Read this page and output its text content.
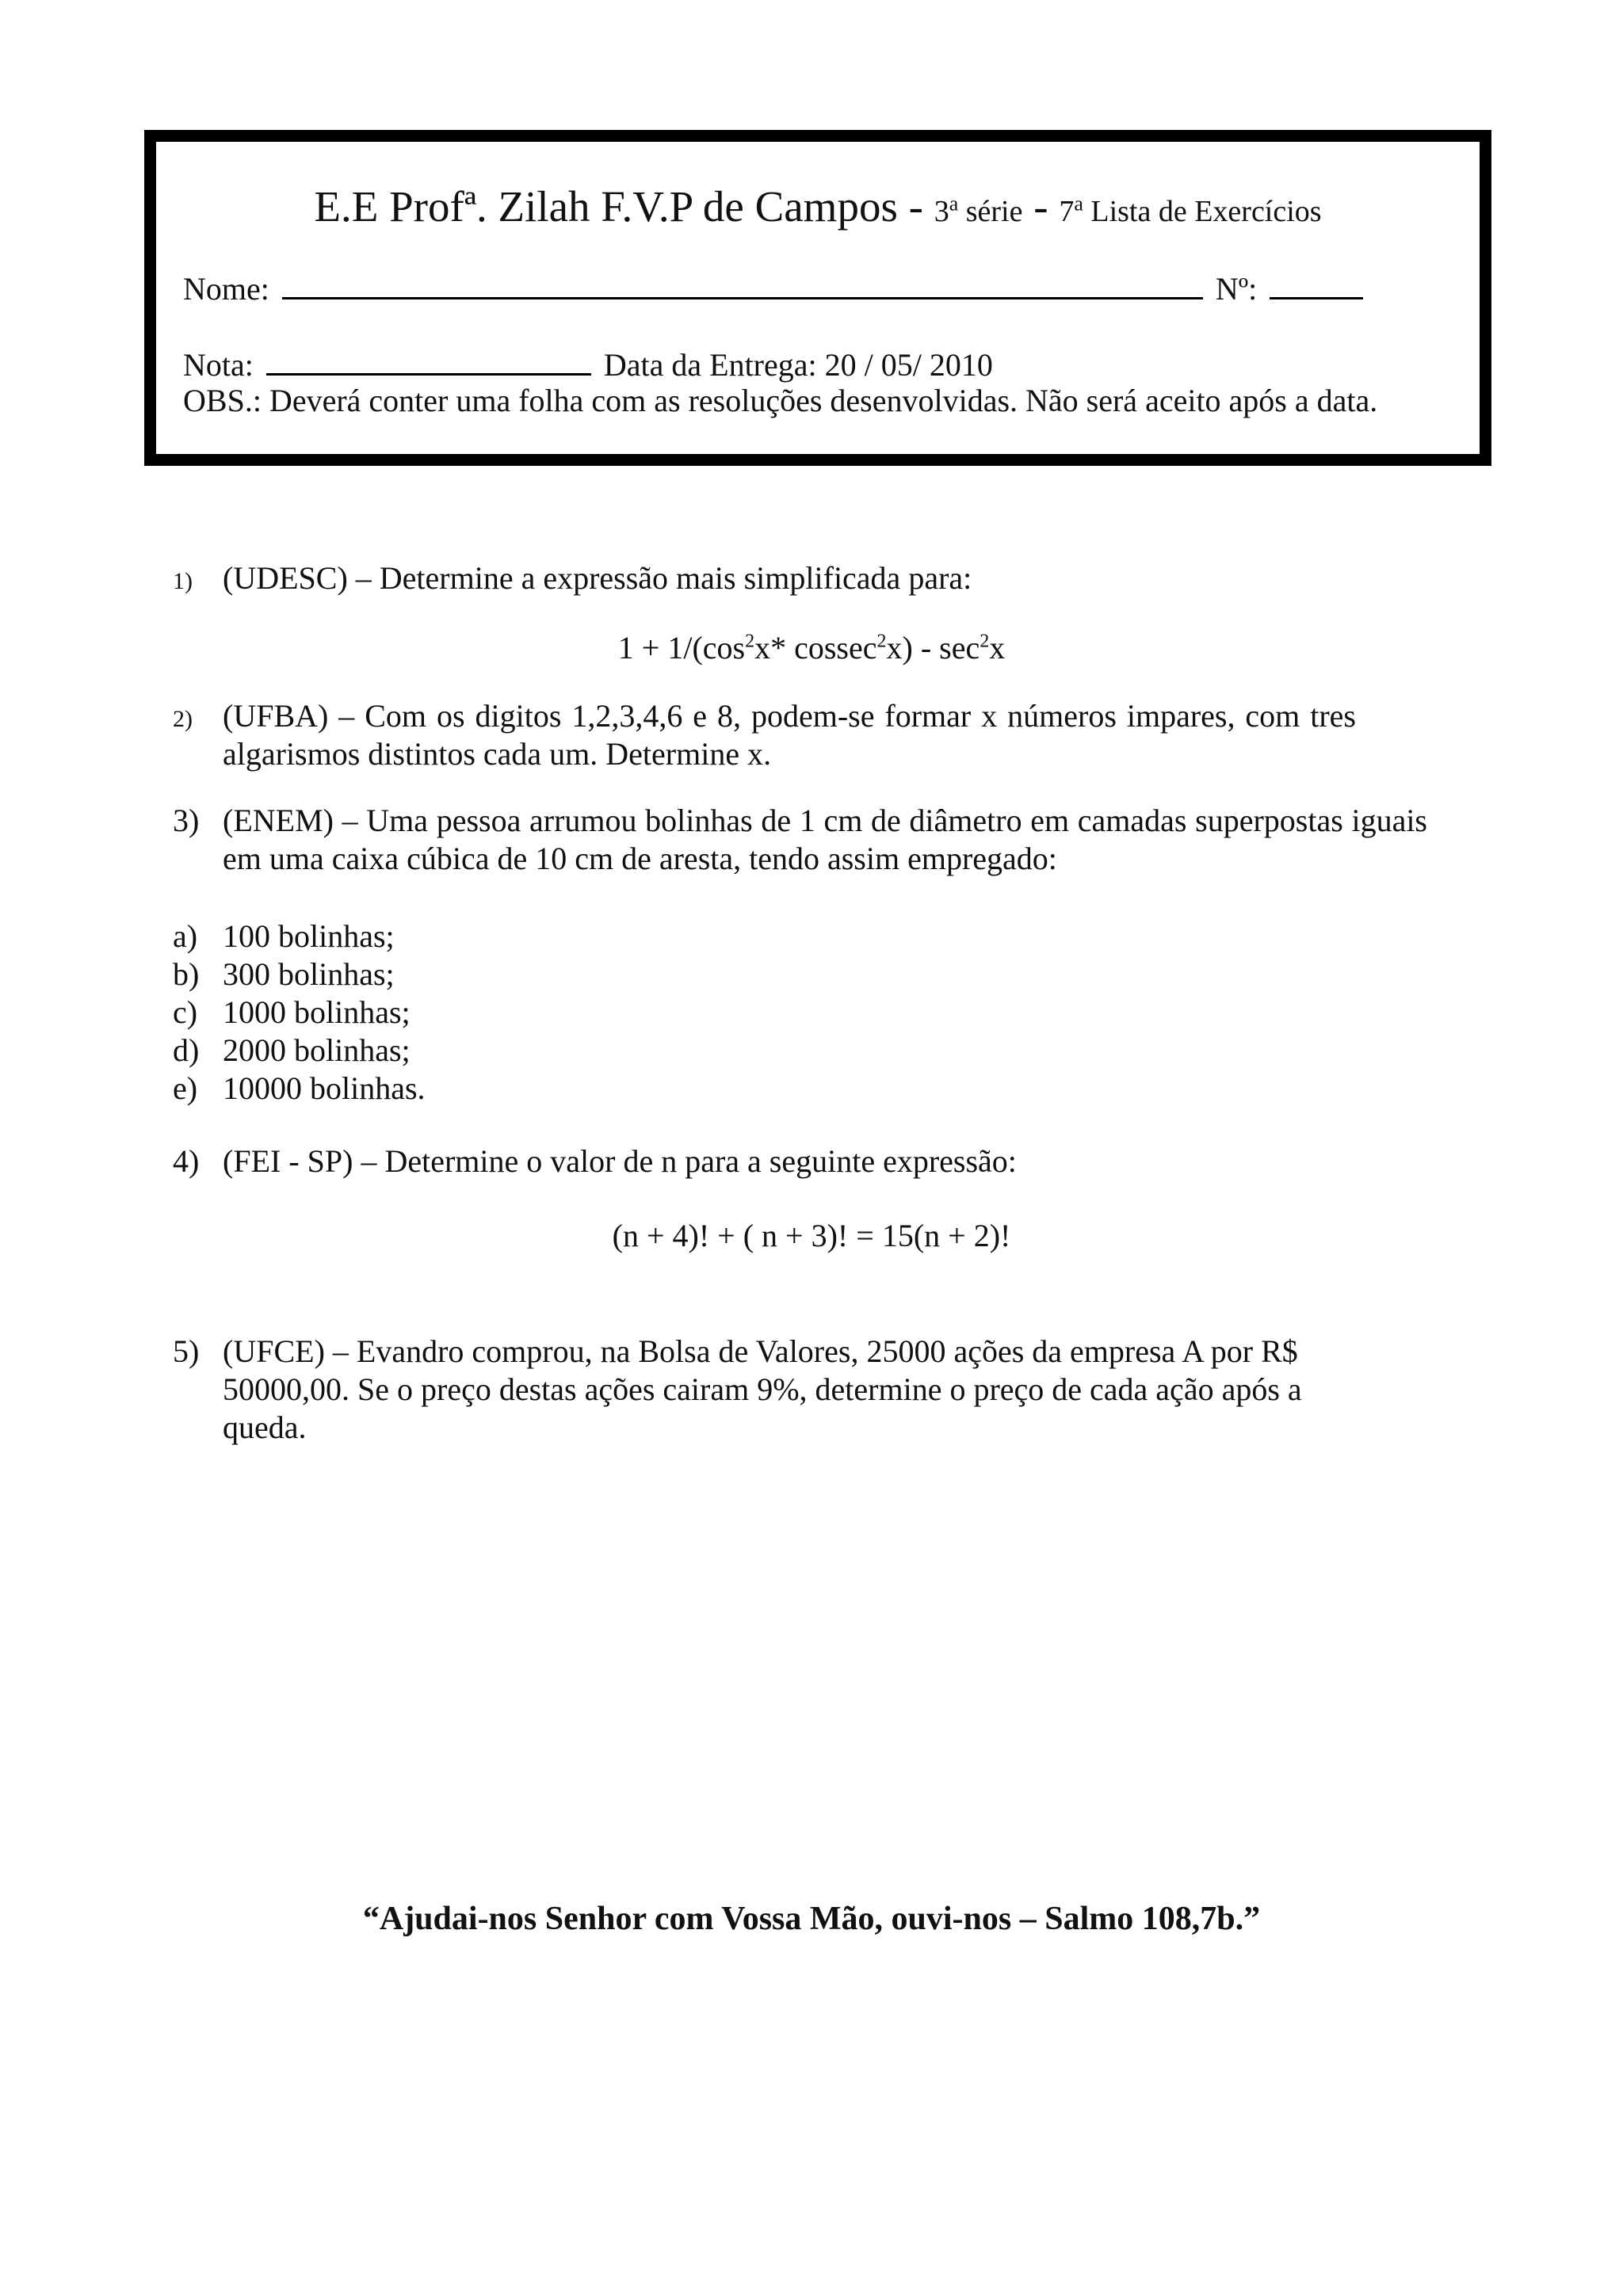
E.E Profª. Zilah F.V.P de Campos - 3$^a$ série - 7$^a$ Lista de Exercícios
Nome:	Nº:
Nota:	Data da Entrega: 20 / 05/ 2010
OBS.: Deverá conter uma folha com as resoluções desenvolvidas. Não será aceito após a data.
1) (UDESC) – Determine a expressão mais simplificada para:
$1 + 1/(\cos^2x*$ $cossec^2x) - \sec^2x$
2) (UFBA) – Com os digitos 1,2,3,4,6 e 8, podem-se formar x números impares, com tres algarismos distintos cada um. Determine x.
3) (ENEM) – Uma pessoa arrumou bolinhas de 1 cm de diâmetro em camadas superpostas iguais em uma caixa cúbica de 10 cm de aresta, tendo assim empregado:
a) 100 bolinhas;
b) 300 bolinhas;
c) 1000 bolinhas;
d) 2000 bolinhas;
e) 10000 bolinhas.
4) (FEI - SP) – Determine o valor de n para a seguinte expressão:
(n + 4)! + ( n + 3)! = 15(n + 2)!
5) (UFCE) – Evandro comprou, na Bolsa de Valores, 25000 ações da empresa A por R$ 50000,00. Se o preço destas ações cairam 9%, determine o preço de cada ação após a queda.
“Ajudai-nos Senhor com Vossa Mão, ouvi-nos – Salmo 108,7b.”
